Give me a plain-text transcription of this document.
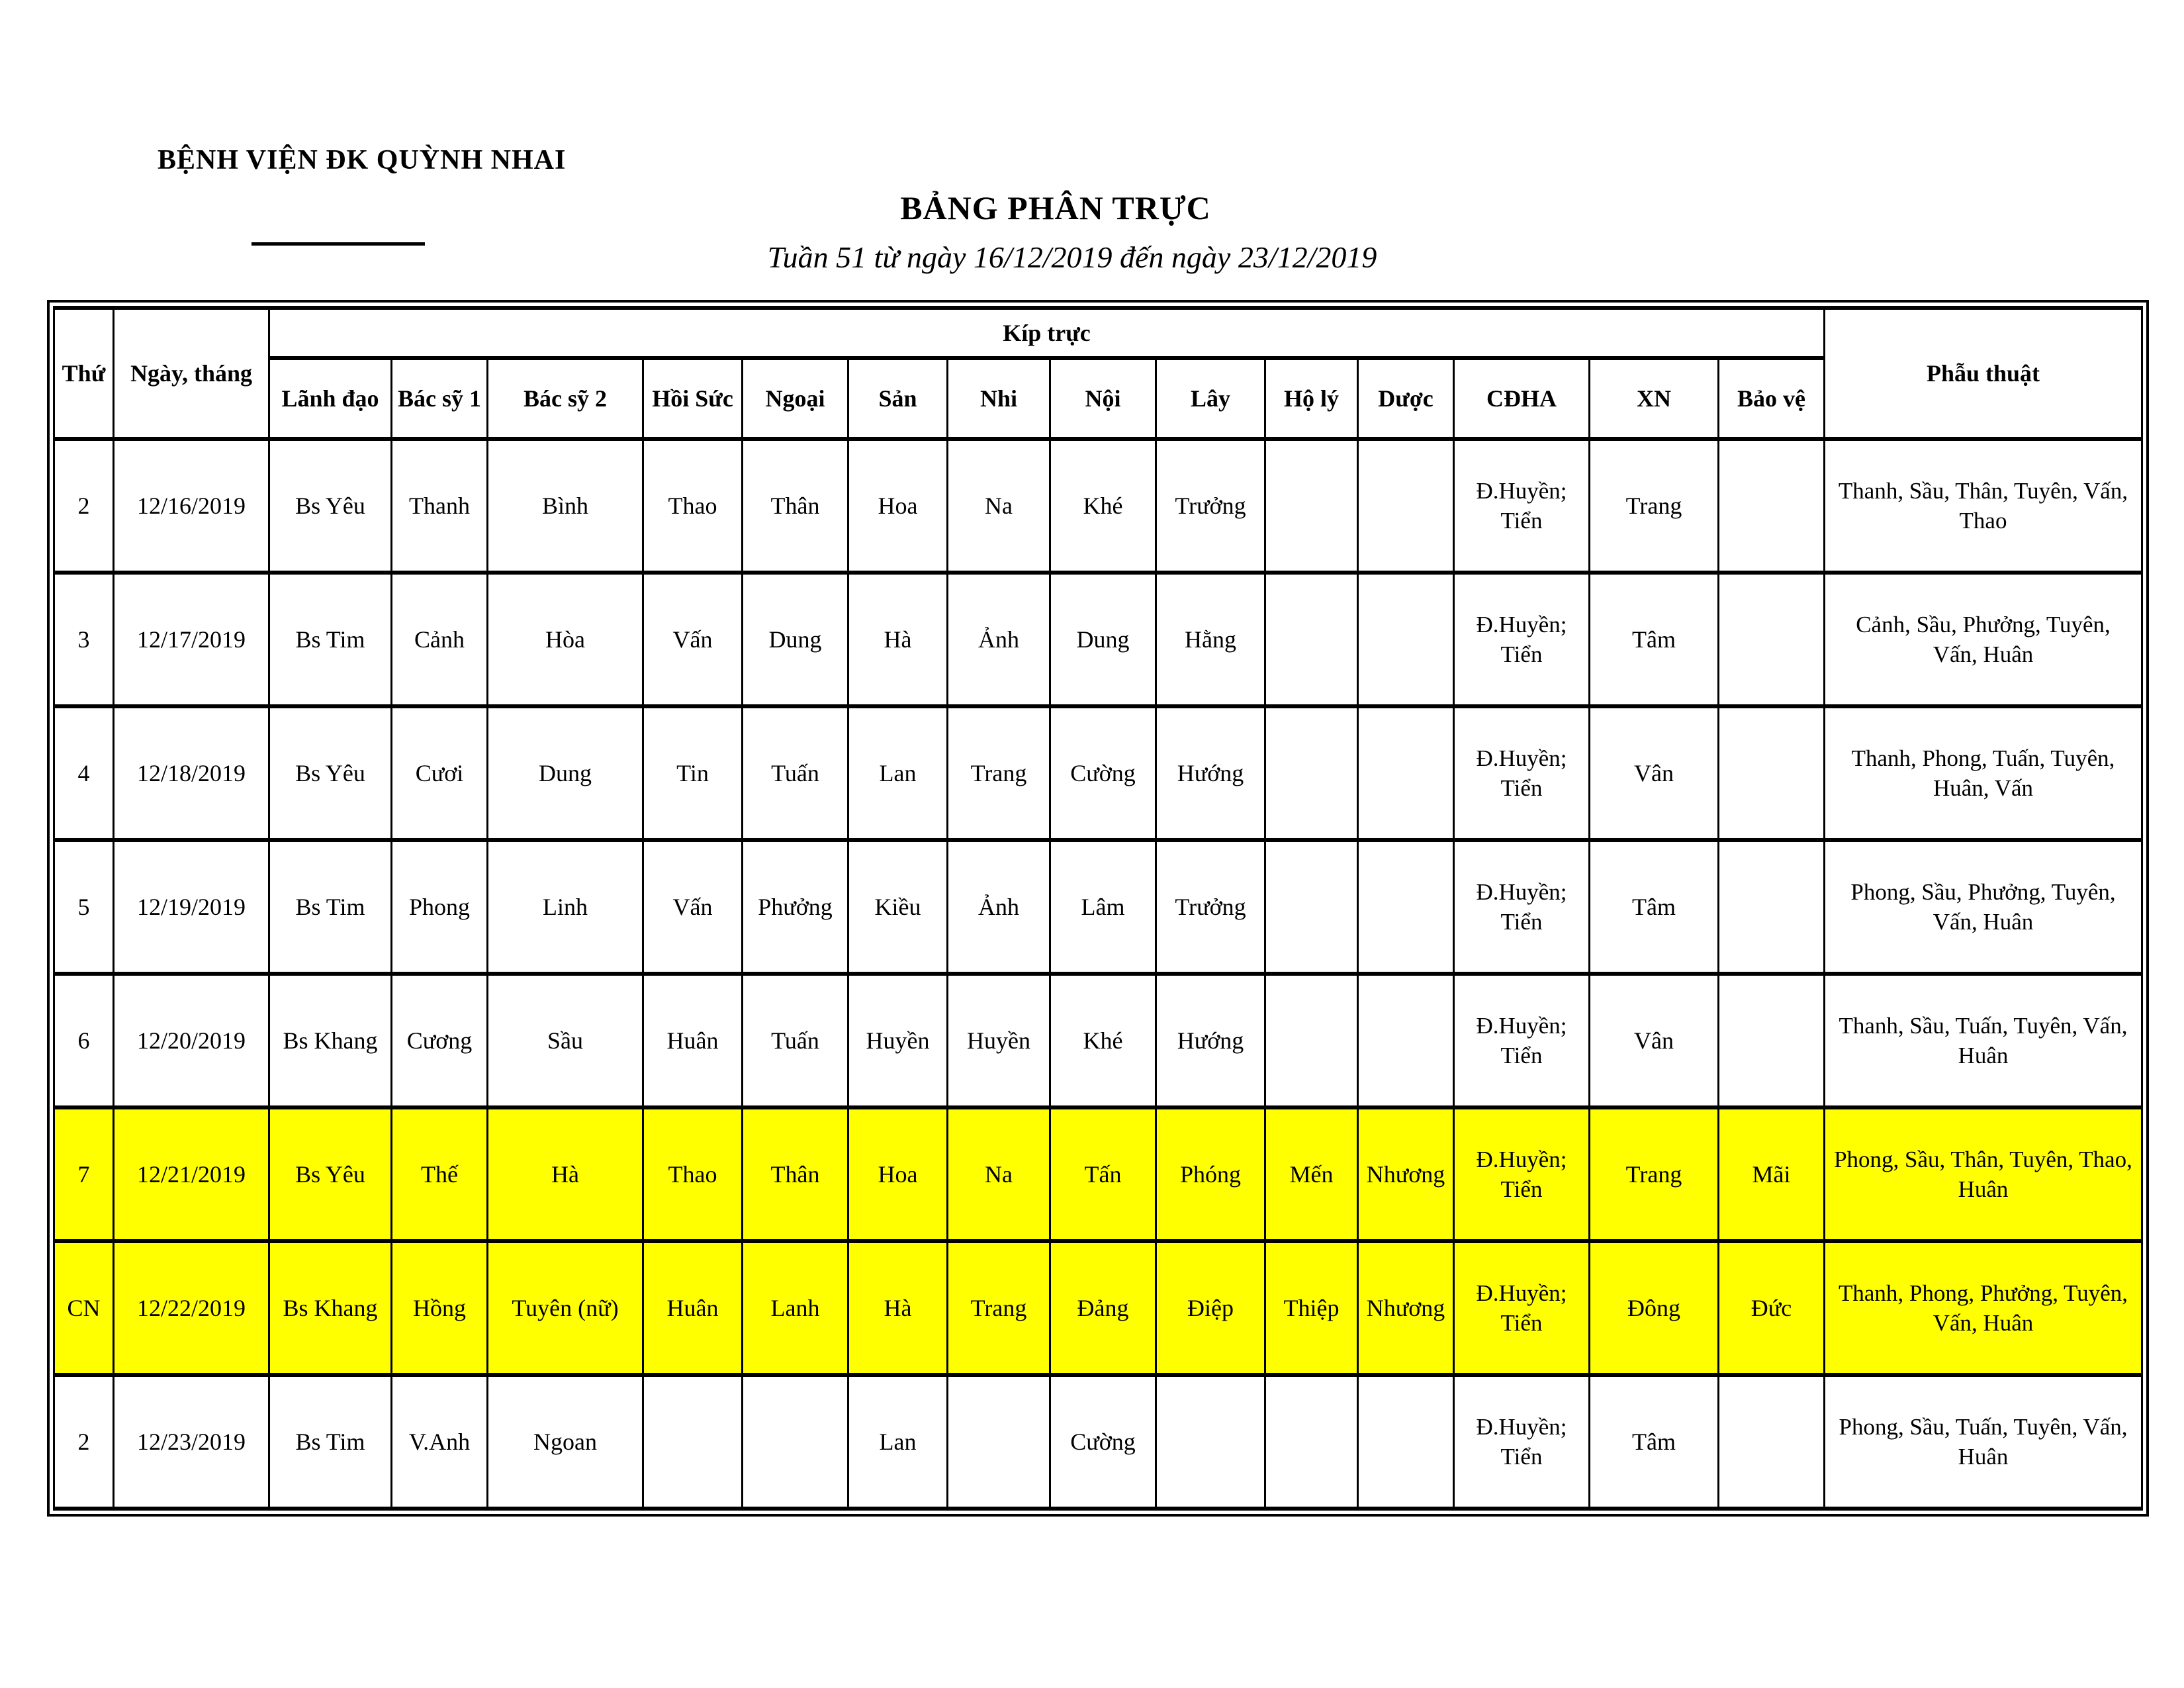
BỆNH VIỆN ĐK QUỲNH NHAI
BẢNG PHÂN TRỰC
Tuần 51 từ ngày 16/12/2019 đến ngày 23/12/2019
Thứ	Ngày, tháng	Kíp trực														Phẫu thuật
		Lãnh đạo	Bác sỹ 1	Bác sỹ 2	Hồi Sức	Ngoại	Sản	Nhi	Nội	Lây	Hộ lý	Dược	CĐHA	XN	Bảo vệ	
2	12/16/2019	Bs Yêu	Thanh	Bình	Thao	Thân	Hoa	Na	Khé	Trưởng			Đ.Huyền; Tiển	Trang		Thanh, Sầu, Thân, Tuyên, Vấn, Thao
3	12/17/2019	Bs Tim	Cảnh	Hòa	Vấn	Dung	Hà	Ảnh	Dung	Hằng			Đ.Huyền; Tiển	Tâm		Cảnh, Sầu, Phưởng, Tuyên, Vấn, Huân
4	12/18/2019	Bs Yêu	Cươi	Dung	Tin	Tuấn	Lan	Trang	Cường	Hướng			Đ.Huyền; Tiển	Vân		Thanh, Phong, Tuấn, Tuyên, Huân, Vấn
5	12/19/2019	Bs Tim	Phong	Linh	Vấn	Phưởng	Kiều	Ảnh	Lâm	Trưởng			Đ.Huyền; Tiển	Tâm		Phong, Sầu, Phưởng, Tuyên, Vấn, Huân
6	12/20/2019	Bs Khang	Cương	Sầu	Huân	Tuấn	Huyền	Huyền	Khé	Hướng			Đ.Huyền; Tiển	Vân		Thanh, Sầu, Tuấn, Tuyên, Vấn, Huân
7	12/21/2019	Bs Yêu	Thế	Hà	Thao	Thân	Hoa	Na	Tấn	Phóng	Mến	Nhương	Đ.Huyền; Tiển	Trang	Mãi	Phong, Sầu, Thân, Tuyên, Thao, Huân
CN	12/22/2019	Bs Khang	Hồng	Tuyên (nữ)	Huân	Lanh	Hà	Trang	Đảng	Điệp	Thiệp	Nhương	Đ.Huyền; Tiển	Đông	Đức	Thanh, Phong, Phưởng, Tuyên, Vấn, Huân
2	12/23/2019	Bs Tim	V.Anh	Ngoan			Lan		Cường				Đ.Huyền; Tiển	Tâm		Phong, Sầu, Tuấn, Tuyên, Vấn, Huân
